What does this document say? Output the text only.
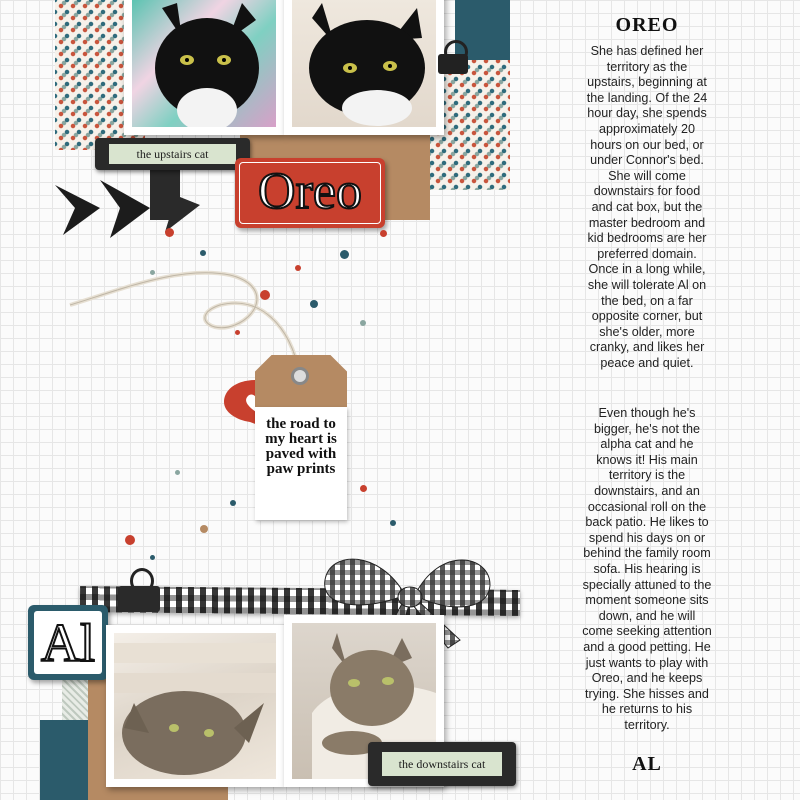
the upstairs cat
Oreo
the road to my heart is paved with paw prints
Al
the downstairs cat
OREO

She has defined her territory as the upstairs, beginning at the landing. Of the 24 hour day, she spends approximately 20 hours on our bed, or under Connor's bed. She will come downstairs for food and cat box, but the master bedroom and kid bedrooms are her preferred domain. Once in a long while, she will tolerate Al on the bed, on a far opposite corner, but she's older, more cranky, and likes her peace and quiet.

Even though he's bigger, he's not the alpha cat and he knows it! His main territory is the downstairs, and an occasional roll on the back patio. He likes to spend his days on or behind the family room sofa. His hearing is specially attuned to the moment someone sits down, and he will come seeking attention and a good petting. He just wants to play with Oreo, and he keeps trying. She hisses and he returns to his territory.

AL
